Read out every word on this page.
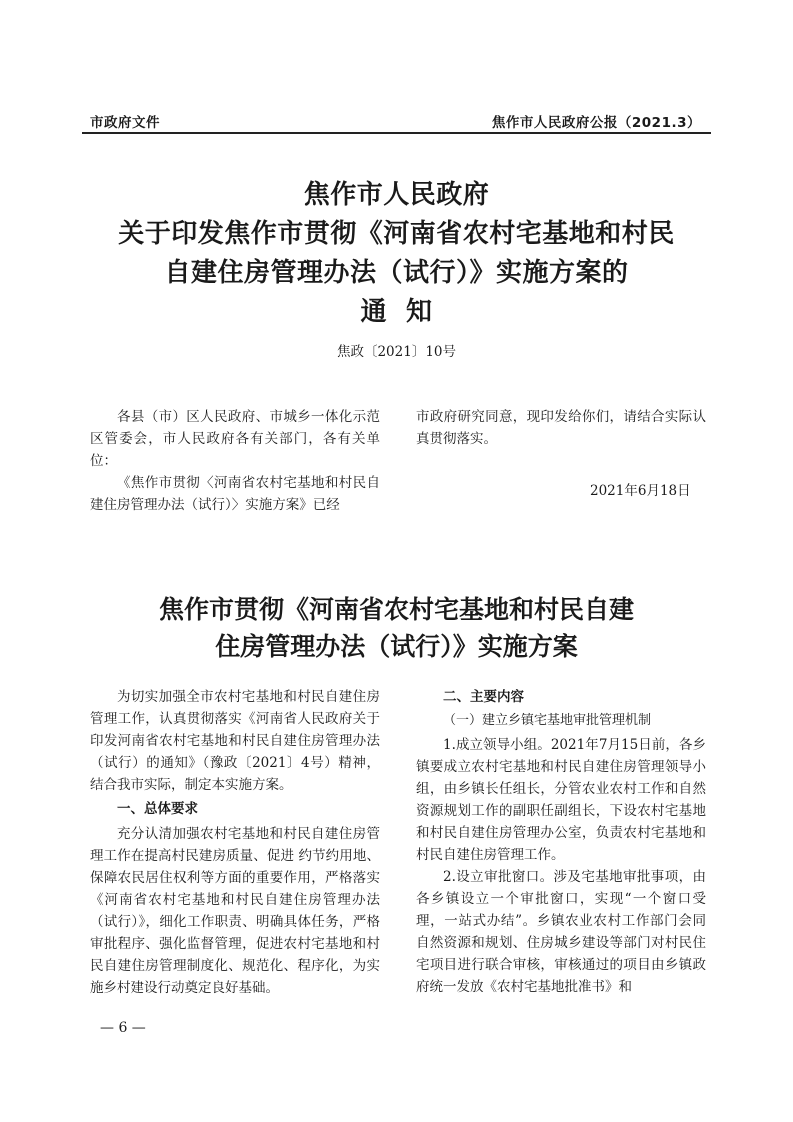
市政府文件	焦作市人民政府公报（2021.3）
焦作市人民政府
关于印发焦作市贯彻《河南省农村宅基地和村民
自建住房管理办法（试行）》实施方案的
通  知
焦政〔2021〕10号
各县（市）区人民政府、市城乡一体化示范区管委会，市人民政府各有关部门，各有关单位：
《焦作市贯彻〈河南省农村宅基地和村民自建住房管理办法（试行）〉实施方案》已经
市政府研究同意，现印发给你们，请结合实际认真贯彻落实。
2021年6月18日
焦作市贯彻《河南省农村宅基地和村民自建
住房管理办法（试行）》实施方案
为切实加强全市农村宅基地和村民自建住房管理工作，认真贯彻落实《河南省人民政府关于印发河南省农村宅基地和村民自建住房管理办法（试行）的通知》（豫政〔2021〕4号）精神，结合我市实际，制定本实施方案。
一、总体要求
充分认清加强农村宅基地和村民自建住房管理工作在提高村民建房质量、促进 约节约用地、保障农民居住权利等方面的重要作用，严格落实《河南省农村宅基地和村民自建住房管理办法（试行）》，细化工作职责、明确具体任务，严格审批程序、强化监督管理，促进农村宅基地和村民自建住房管理制度化、规范化、程序化，为实施乡村建设行动奠定良好基础。
二、主要内容
（一）建立乡镇宅基地审批管理机制
1.成立领导小组。2021年7月15日前，各乡镇要成立农村宅基地和村民自建住房管理领导小组，由乡镇长任组长，分管农业农村工作和自然资源规划工作的副职任副组长，下设农村宅基地和村民自建住房管理办公室，负责农村宅基地和村民自建住房管理工作。
2.设立审批窗口。涉及宅基地审批事项，由各乡镇设立一个审批窗口，实现“一个窗口受理，一站式办结”。乡镇农业农村工作部门会同自然资源和规划、住房城乡建设等部门对村民住宅项目进行联合审核，审核通过的项目由乡镇政府统一发放《农村宅基地批准书》和
— 6 —
